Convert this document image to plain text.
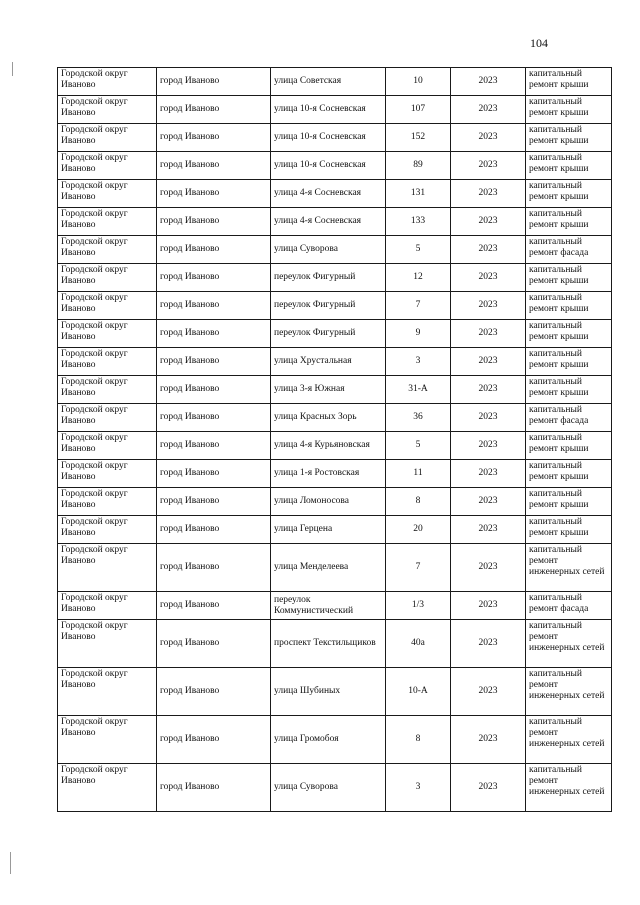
104
Городской округ Иваново	город Иваново	улица Советская	10	2023	капитальный ремонт крыши
Городской округ Иваново	город Иваново	улица 10-я Сосневская	107	2023	капитальный ремонт крыши
Городской округ Иваново	город Иваново	улица 10-я Сосневская	152	2023	капитальный ремонт крыши
Городской округ Иваново	город Иваново	улица 10-я Сосневская	89	2023	капитальный ремонт крыши
Городской округ Иваново	город Иваново	улица 4-я Сосневская	131	2023	капитальный ремонт крыши
Городской округ Иваново	город Иваново	улица 4-я Сосневская	133	2023	капитальный ремонт крыши
Городской округ Иваново	город Иваново	улица Суворова	5	2023	капитальный ремонт фасада
Городской округ Иваново	город Иваново	переулок Фигурный	12	2023	капитальный ремонт крыши
Городской округ Иваново	город Иваново	переулок Фигурный	7	2023	капитальный ремонт крыши
Городской округ Иваново	город Иваново	переулок Фигурный	9	2023	капитальный ремонт крыши
Городской округ Иваново	город Иваново	улица Хрустальная	3	2023	капитальный ремонт крыши
Городской округ Иваново	город Иваново	улица 3-я Южная	31-А	2023	капитальный ремонт крыши
Городской округ Иваново	город Иваново	улица Красных Зорь	36	2023	капитальный ремонт фасада
Городской округ Иваново	город Иваново	улица 4-я Курьяновская	5	2023	капитальный ремонт крыши
Городской округ Иваново	город Иваново	улица 1-я Ростовская	11	2023	капитальный ремонт крыши
Городской округ Иваново	город Иваново	улица Ломоносова	8	2023	капитальный ремонт крыши
Городской округ Иваново	город Иваново	улица Герцена	20	2023	капитальный ремонт крыши
Городской округ Иваново	город Иваново	улица Менделеева	7	2023	капитальный ремонт инженерных сетей
Городской округ Иваново	город Иваново	переулок Коммунистический	1/3	2023	капитальный ремонт фасада
Городской округ Иваново	город Иваново	проспект Текстильщиков	40а	2023	капитальный ремонт инженерных сетей
Городской округ Иваново	город Иваново	улица Шубиных	10-А	2023	капитальный ремонт инженерных сетей
Городской округ Иваново	город Иваново	улица Громобоя	8	2023	капитальный ремонт инженерных сетей
Городской округ Иваново	город Иваново	улица Суворова	3	2023	капитальный ремонт инженерных сетей
